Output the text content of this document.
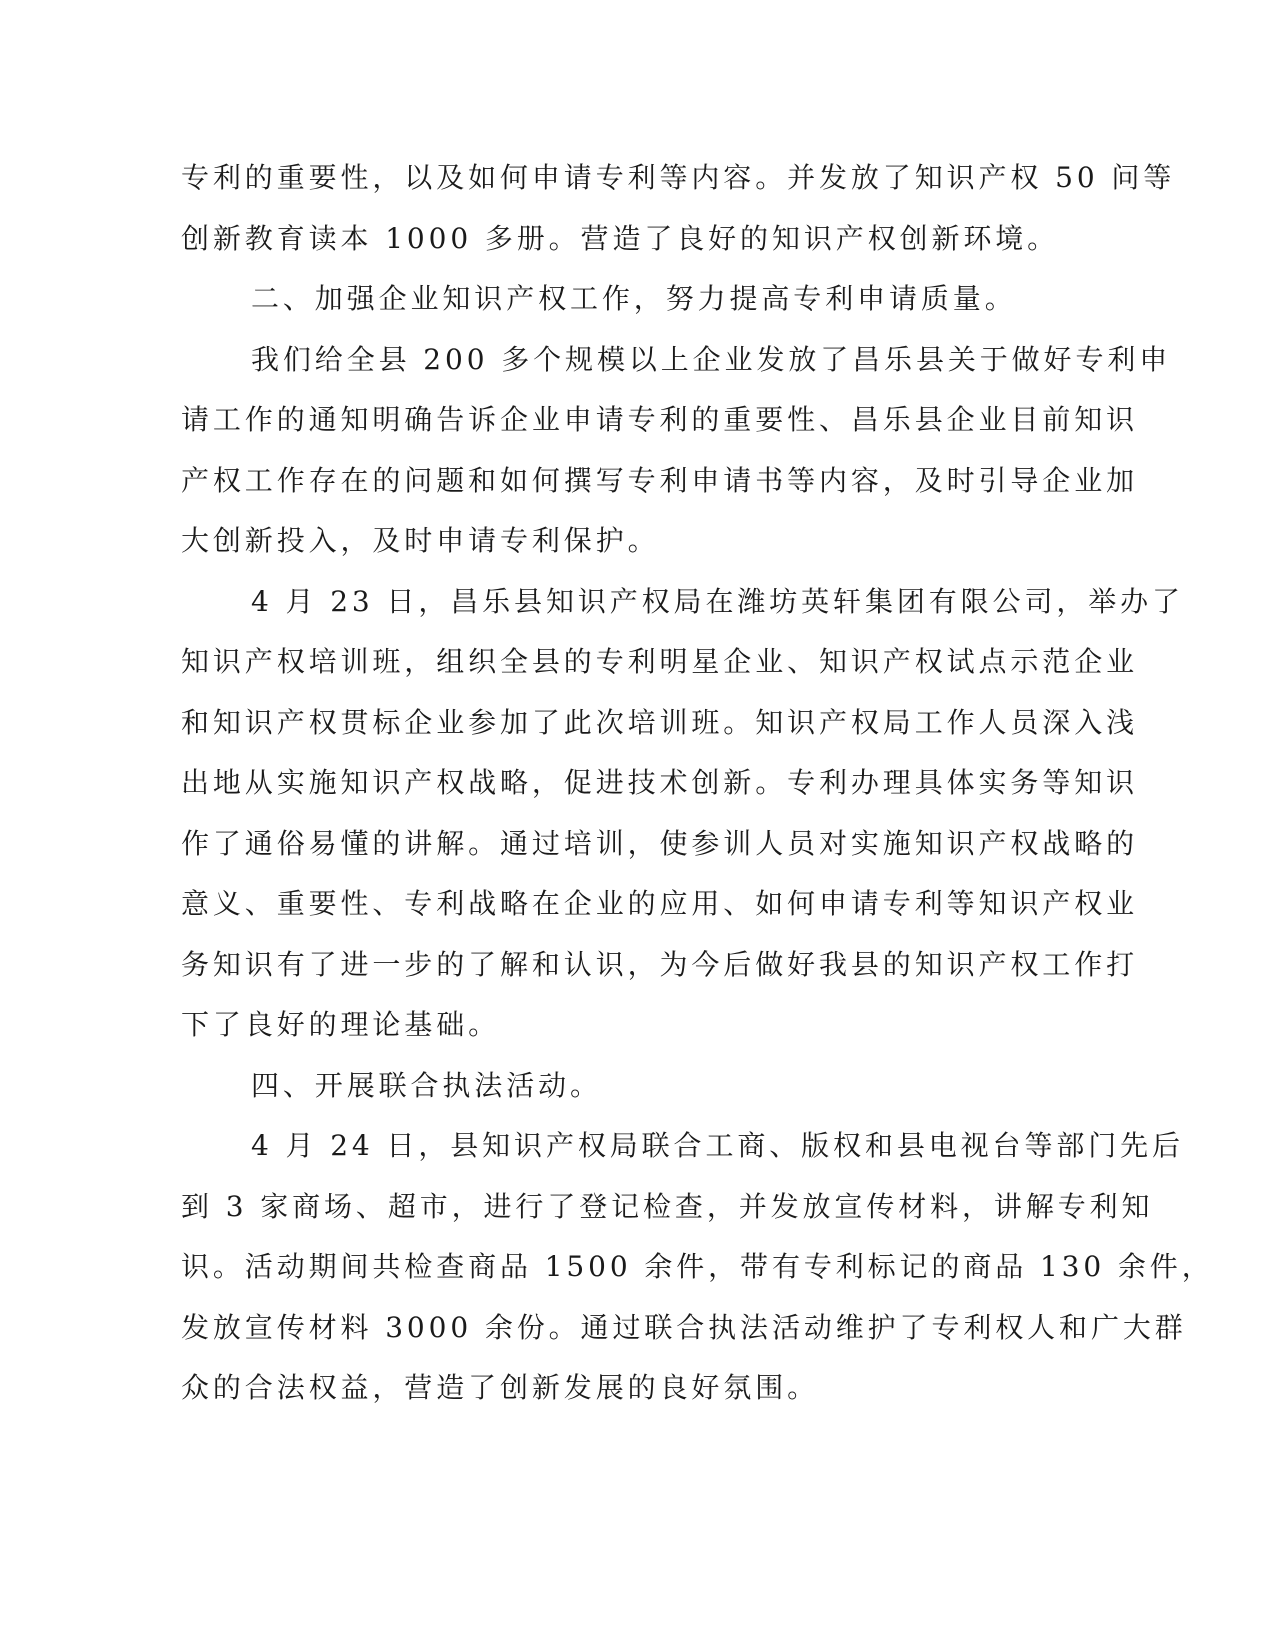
专利的重要性，以及如何申请专利等内容。并发放了知识产权 50 问等
创新教育读本 1000 多册。营造了良好的知识产权创新环境。
二、加强企业知识产权工作，努力提高专利申请质量。
我们给全县 200 多个规模以上企业发放了昌乐县关于做好专利申
请工作的通知明确告诉企业申请专利的重要性、昌乐县企业目前知识
产权工作存在的问题和如何撰写专利申请书等内容，及时引导企业加
大创新投入，及时申请专利保护。
4 月 23 日，昌乐县知识产权局在潍坊英轩集团有限公司，举办了
知识产权培训班，组织全县的专利明星企业、知识产权试点示范企业
和知识产权贯标企业参加了此次培训班。知识产权局工作人员深入浅
出地从实施知识产权战略，促进技术创新。专利办理具体实务等知识
作了通俗易懂的讲解。通过培训，使参训人员对实施知识产权战略的
意义、重要性、专利战略在企业的应用、如何申请专利等知识产权业
务知识有了进一步的了解和认识，为今后做好我县的知识产权工作打
下了良好的理论基础。
四、开展联合执法活动。
4 月 24 日，县知识产权局联合工商、版权和县电视台等部门先后
到 3 家商场、超市，进行了登记检查，并发放宣传材料，讲解专利知
识。活动期间共检查商品 1500 余件，带有专利标记的商品 130 余件，
发放宣传材料 3000 余份。通过联合执法活动维护了专利权人和广大群
众的合法权益，营造了创新发展的良好氛围。
